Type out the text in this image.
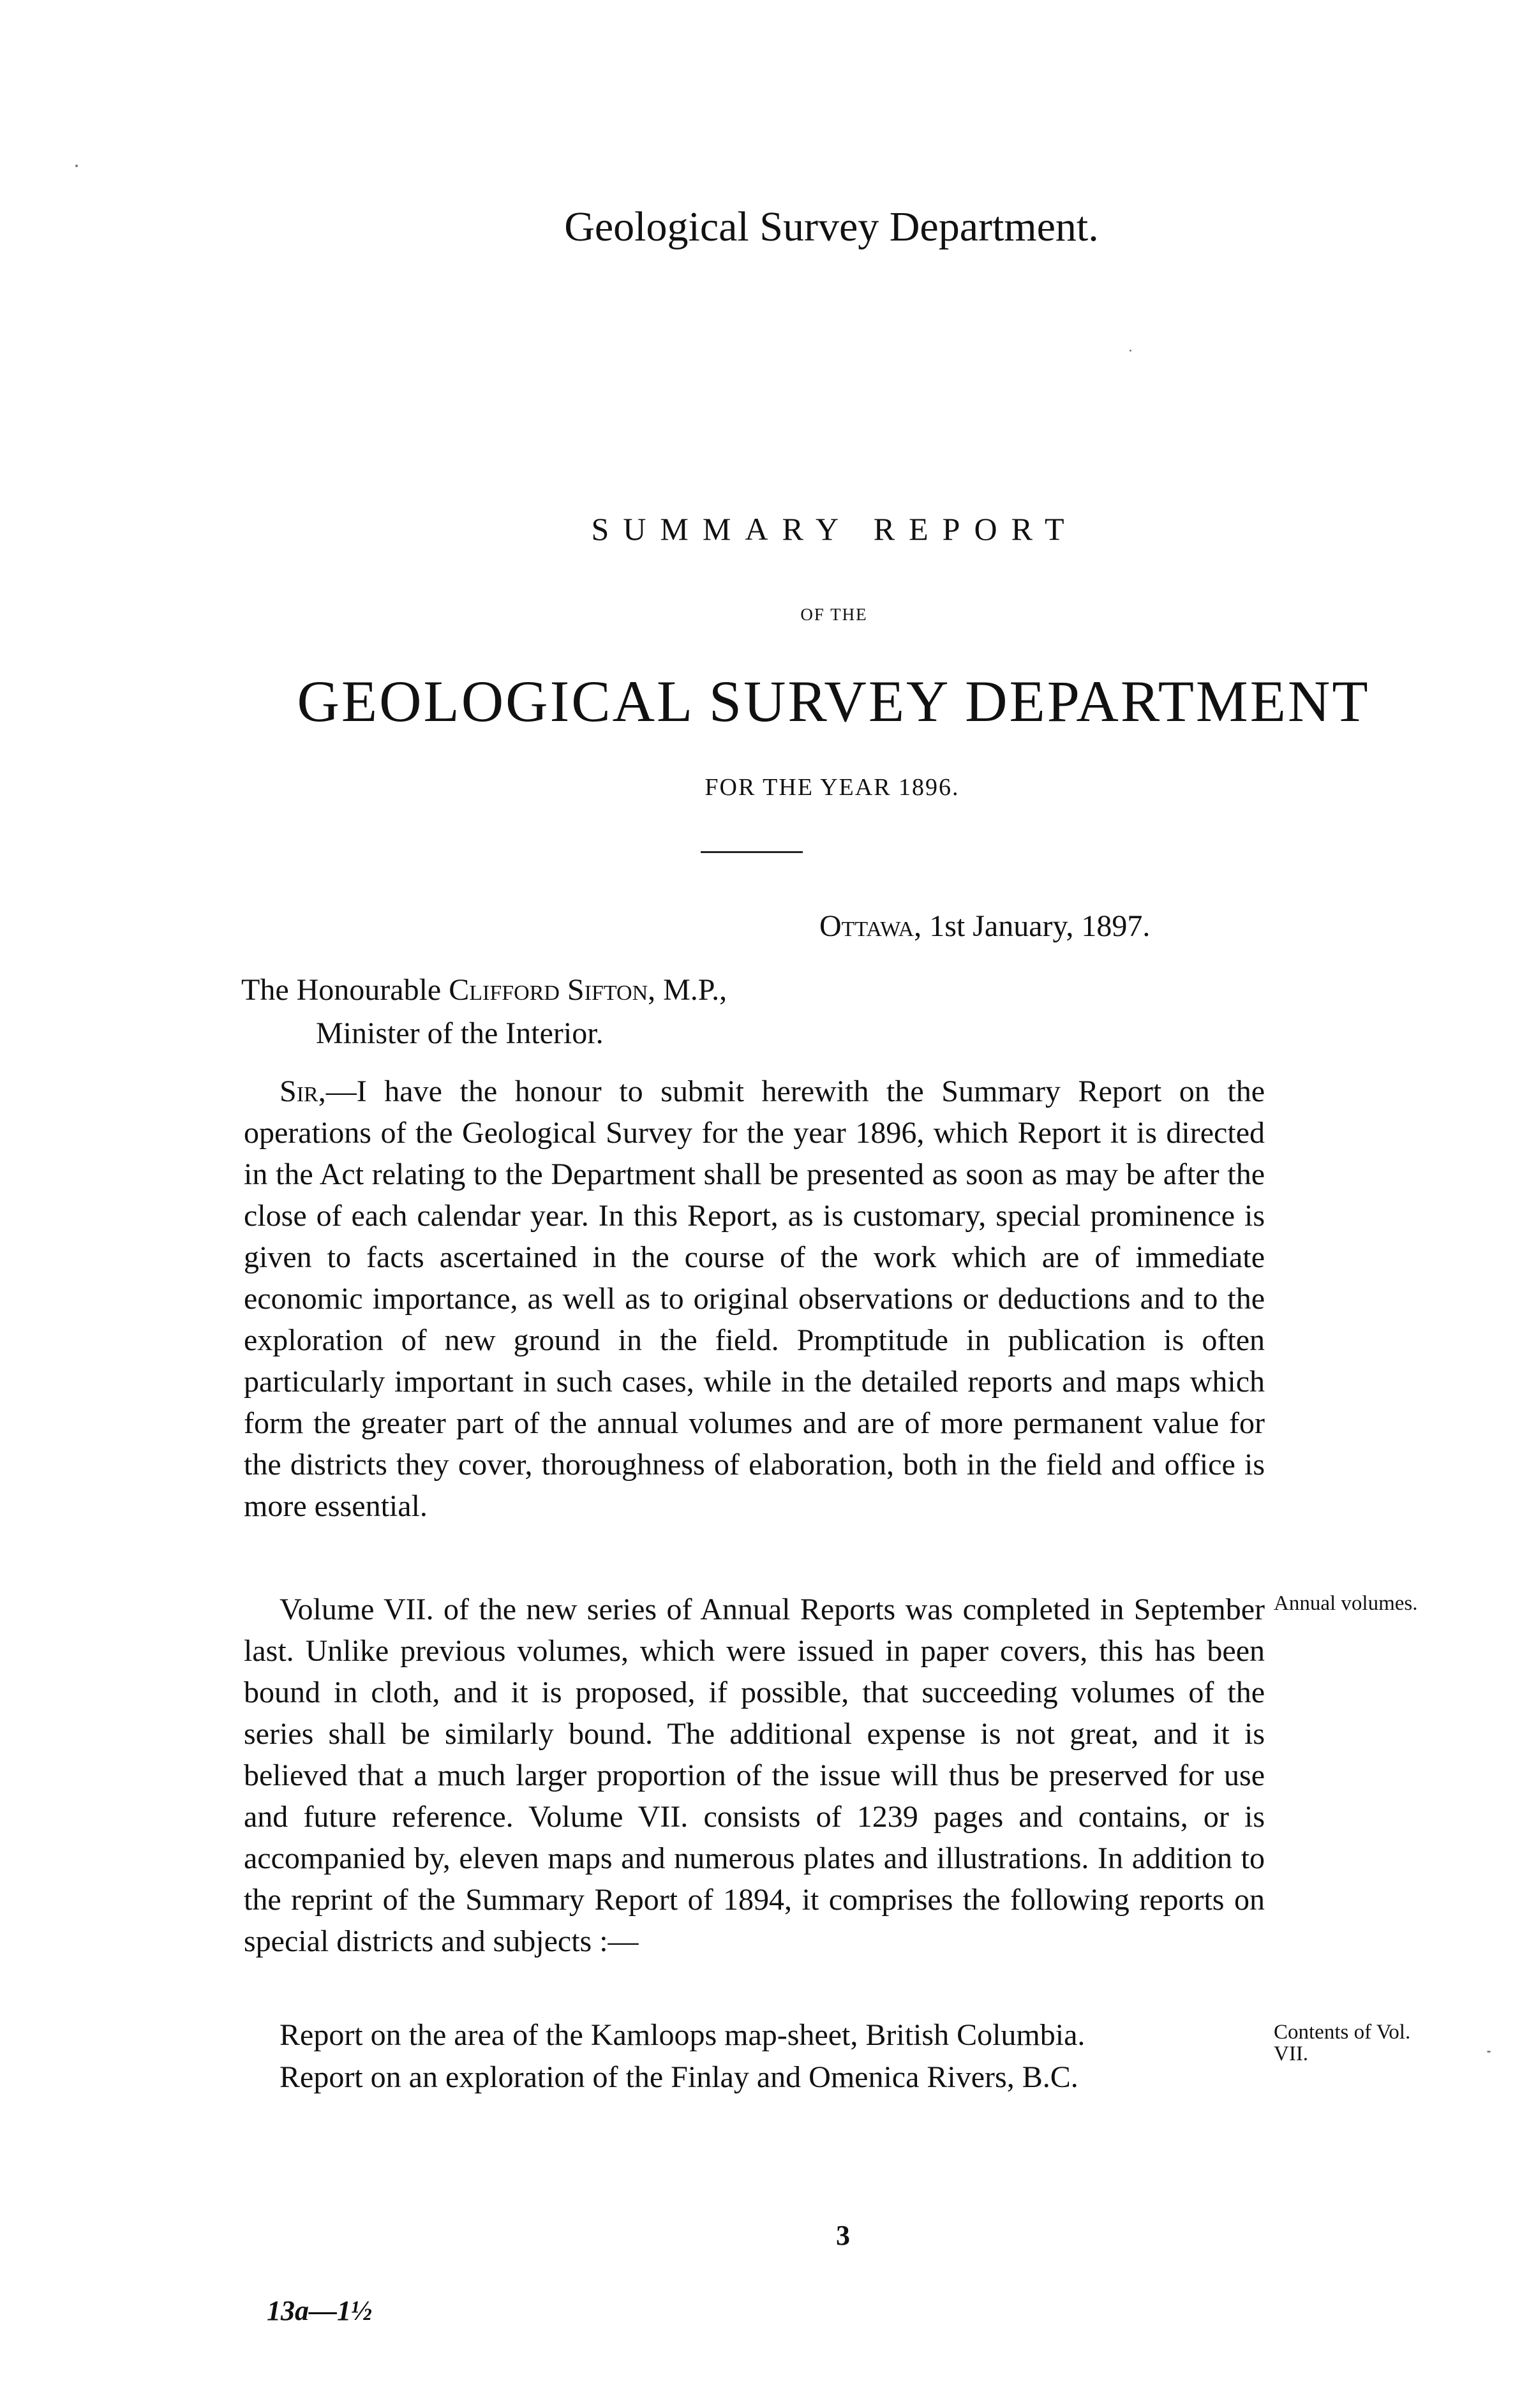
Geological Survey Department.
SUMMARY REPORT
OF THE
GEOLOGICAL SURVEY DEPARTMENT
FOR THE YEAR 1896.
Ottawa, 1st January, 1897.
The Honourable Clifford Sifton, M.P.,
Minister of the Interior.

Sir,—I have the honour to submit herewith the Summary Report on the operations of the Geological Survey for the year 1896, which Report it is directed in the Act relating to the Department shall be presented as soon as may be after the close of each calendar year. In this Report, as is customary, special prominence is given to facts ascertained in the course of the work which are of immediate economic importance, as well as to original observations or deductions and to the exploration of new ground in the field. Promptitude in publication is often particularly important in such cases, while in the detailed reports and maps which form the greater part of the annual volumes and are of more permanent value for the districts they cover, thoroughness of elaboration, both in the field and office is more essential.

Volume VII. of the new series of Annual Reports was completed in September last. Unlike previous volumes, which were issued in paper covers, this has been bound in cloth, and it is proposed, if possible, that succeeding volumes of the series shall be similarly bound. The additional expense is not great, and it is believed that a much larger proportion of the issue will thus be preserved for use and future reference. Volume VII. consists of 1239 pages and contains, or is accompanied by, eleven maps and numerous plates and illustrations. In addition to the reprint of the Summary Report of 1894, it comprises the following reports on special districts and subjects :—

Report on the area of the Kamloops map-sheet, British Columbia.
Report on an exploration of the Finlay and Omenica Rivers, B.C.
Annual volumes.
Contents of Vol. VII.
3
13a—1½
